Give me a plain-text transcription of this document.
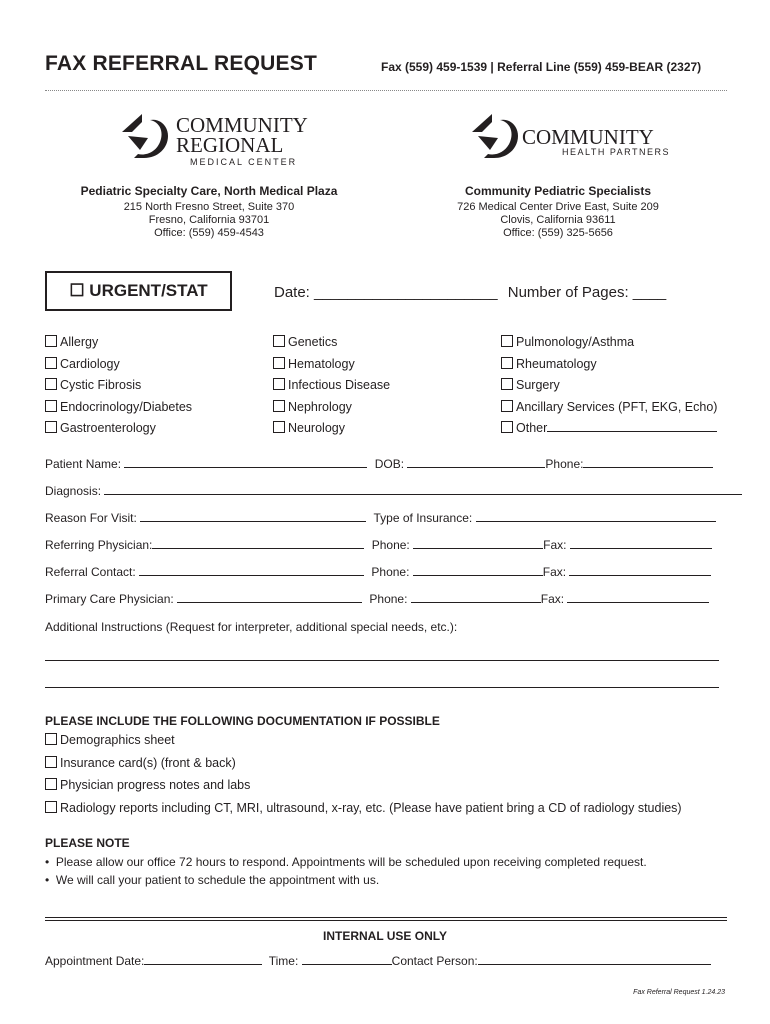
FAX REFERRAL REQUEST	Fax (559) 459-1539 | Referral Line (559) 459-BEAR (2327)
COMMUNITY
REGIONAL
MEDICAL CENTER
COMMUNITY
HEALTH PARTNERS
Pediatric Specialty Care, North Medical Plaza
215 North Fresno Street, Suite 370
Fresno, California 93701
Office: (559) 459-4543
Community Pediatric Specialists
726 Medical Center Drive East, Suite 209
Clovis, California 93611
Office: (559) 325-5656
☐ URGENT/STAT	Date: ______________________ Number of Pages: ____
Allergy
Cardiology
Cystic Fibrosis
Endocrinology/Diabetes
Gastroenterology
Genetics
Hematology
Infectious Disease
Nephrology
Neurology
Pulmonology/Asthma
Rheumatology
Surgery
Ancillary Services (PFT, EKG, Echo)
Other
Patient Name:	DOB:	Phone:
Diagnosis:
Reason For Visit:	Type of Insurance:
Referring Physician:	Phone:	Fax:
Referral Contact:	Phone:	Fax:
Primary Care Physician:	Phone:	Fax:
Additional Instructions (Request for interpreter, additional special needs, etc.):
PLEASE INCLUDE THE FOLLOWING DOCUMENTATION IF POSSIBLE
Demographics sheet
Insurance card(s) (front & back)
Physician progress notes and labs
Radiology reports including CT, MRI, ultrasound, x-ray, etc. (Please have patient bring a CD of radiology studies)
PLEASE NOTE
•  Please allow our office 72 hours to respond. Appointments will be scheduled upon receiving completed request.
•  We will call your patient to schedule the appointment with us.
INTERNAL USE ONLY
Appointment Date:	Time:	Contact Person:
Fax Referral Request 1.24.23
